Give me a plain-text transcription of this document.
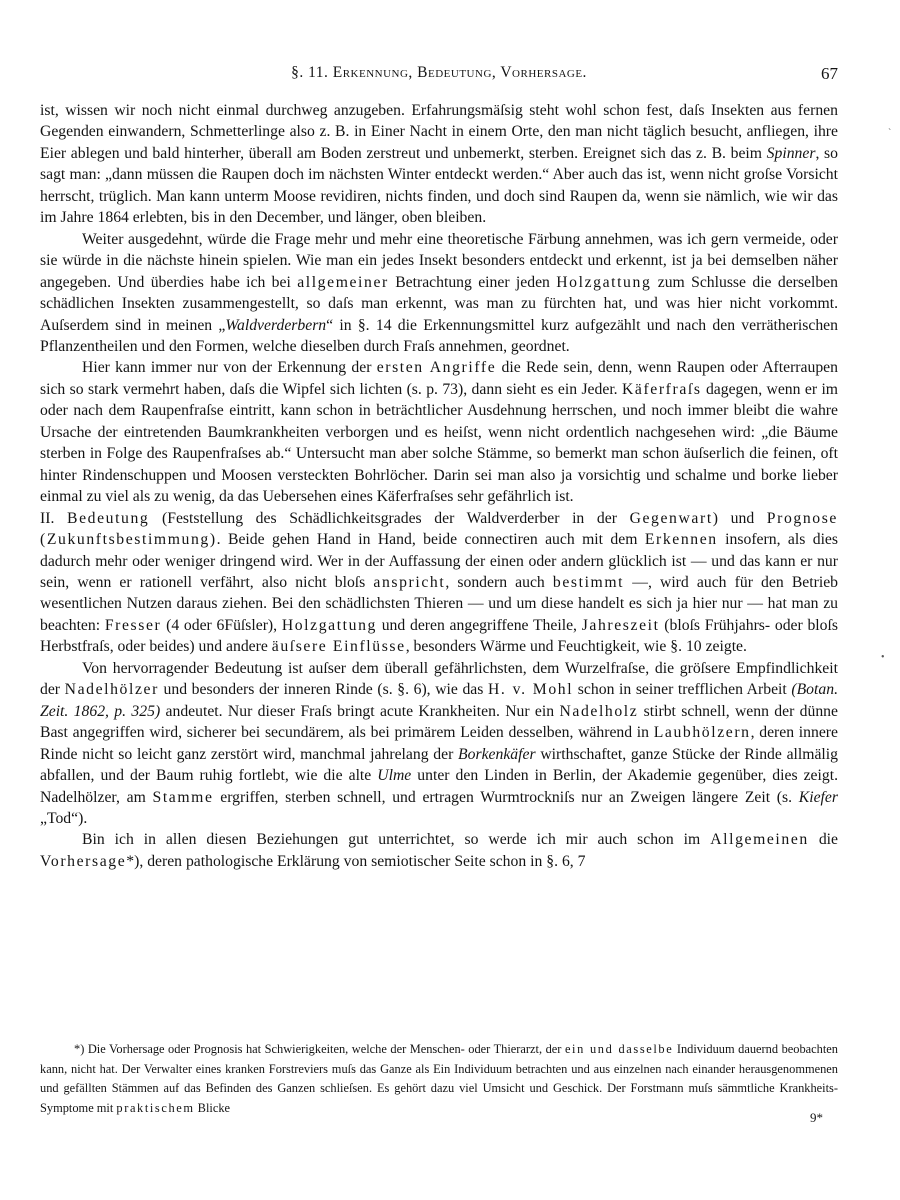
§. 11. Erkennung, Bedeutung, Vorhersage.	67

ist, wissen wir noch nicht einmal durchweg anzugeben. Erfahrungsmäſsig steht wohl schon fest, daſs Insekten aus fernen Gegenden einwandern, Schmetterlinge also z. B. in Einer Nacht in einem Orte, den man nicht täglich besucht, anfliegen, ihre Eier ablegen und bald hinterher, überall am Boden zerstreut und unbemerkt, sterben. Ereignet sich das z. B. beim Spinner, so sagt man: „dann müssen die Raupen doch im nächsten Winter entdeckt werden.“ Aber auch das ist, wenn nicht groſse Vorsicht herrscht, trüglich. Man kann unterm Moose revidiren, nichts finden, und doch sind Raupen da, wenn sie nämlich, wie wir das im Jahre 1864 erlebten, bis in den December, und länger, oben bleiben.

Weiter ausgedehnt, würde die Frage mehr und mehr eine theoretische Färbung annehmen, was ich gern vermeide, oder sie würde in die nächste hinein spielen. Wie man ein jedes Insekt besonders entdeckt und erkennt, ist ja bei demselben näher angegeben. Und überdies habe ich bei allgemeiner Betrachtung einer jeden Holzgattung zum Schlusse die derselben schädlichen Insekten zusammengestellt, so daſs man erkennt, was man zu fürchten hat, und was hier nicht vorkommt. Auſserdem sind in meinen „Waldverderbern“ in §. 14 die Erkennungsmittel kurz aufgezählt und nach den verrätherischen Pflanzentheilen und den Formen, welche dieselben durch Fraſs annehmen, geordnet.

Hier kann immer nur von der Erkennung der ersten Angriffe die Rede sein, denn, wenn Raupen oder Afterraupen sich so stark vermehrt haben, daſs die Wipfel sich lichten (s. p. 73), dann sieht es ein Jeder. Käferfraſs dagegen, wenn er im oder nach dem Raupenfraſse eintritt, kann schon in beträchtlicher Ausdehnung herrschen, und noch immer bleibt die wahre Ursache der eintretenden Baumkrankheiten verborgen und es heiſst, wenn nicht ordentlich nachgesehen wird: „die Bäume sterben in Folge des Raupenfraſses ab.“ Untersucht man aber solche Stämme, so bemerkt man schon äuſserlich die feinen, oft hinter Rindenschuppen und Moosen versteckten Bohrlöcher. Darin sei man also ja vorsichtig und schalme und borke lieber einmal zu viel als zu wenig, da das Uebersehen eines Käferfraſses sehr gefährlich ist.

II. Bedeutung (Feststellung des Schädlichkeitsgrades der Waldverderber in der Gegenwart) und Prognose (Zukunftsbestimmung). Beide gehen Hand in Hand, beide connectiren auch mit dem Erkennen insofern, als dies dadurch mehr oder weniger dringend wird. Wer in der Auffassung der einen oder andern glücklich ist — und das kann er nur sein, wenn er rationell verfährt, also nicht bloſs anspricht, sondern auch bestimmt —, wird auch für den Betrieb wesentlichen Nutzen daraus ziehen. Bei den schädlichsten Thieren — und um diese handelt es sich ja hier nur — hat man zu beachten: Fresser (4 oder 6Füſsler), Holzgattung und deren angegriffene Theile, Jahreszeit (bloſs Frühjahrs- oder bloſs Herbstfraſs, oder beides) und andere äuſsere Einflüsse, besonders Wärme und Feuchtigkeit, wie §. 10 zeigte.

Von hervorragender Bedeutung ist auſser dem überall gefährlichsten, dem Wurzelfraſse, die gröſsere Empfindlichkeit der Nadelhölzer und besonders der inneren Rinde (s. §. 6), wie das H. v. Mohl schon in seiner trefflichen Arbeit (Botan. Zeit. 1862, p. 325) andeutet. Nur dieser Fraſs bringt acute Krankheiten. Nur ein Nadelholz stirbt schnell, wenn der dünne Bast angegriffen wird, sicherer bei secundärem, als bei primärem Leiden desselben, während in Laubhölzern, deren innere Rinde nicht so leicht ganz zerstört wird, manchmal jahrelang der Borkenkäfer wirthschaftet, ganze Stücke der Rinde allmälig abfallen, und der Baum ruhig fortlebt, wie die alte Ulme unter den Linden in Berlin, der Akademie gegenüber, dies zeigt. Nadelhölzer, am Stamme ergriffen, sterben schnell, und ertragen Wurmtrockniſs nur an Zweigen längere Zeit (s. Kiefer „Tod“).

Bin ich in allen diesen Beziehungen gut unterrichtet, so werde ich mir auch schon im Allgemeinen die Vorhersage*), deren pathologische Erklärung von semiotischer Seite schon in §. 6, 7

*) Die Vorhersage oder Prognosis hat Schwierigkeiten, welche der Menschen- oder Thierarzt, der ein und dasselbe Individuum dauernd beobachten kann, nicht hat. Der Verwalter eines kranken Forstreviers muſs das Ganze als Ein Individuum betrachten und aus einzelnen nach einander herausgenommenen und gefällten Stämmen auf das Befinden des Ganzen schlieſsen. Es gehört dazu viel Umsicht und Geschick. Der Forstmann muſs sämmtliche Krankheits-Symptome mit praktischem Blicke
9*
`
•
